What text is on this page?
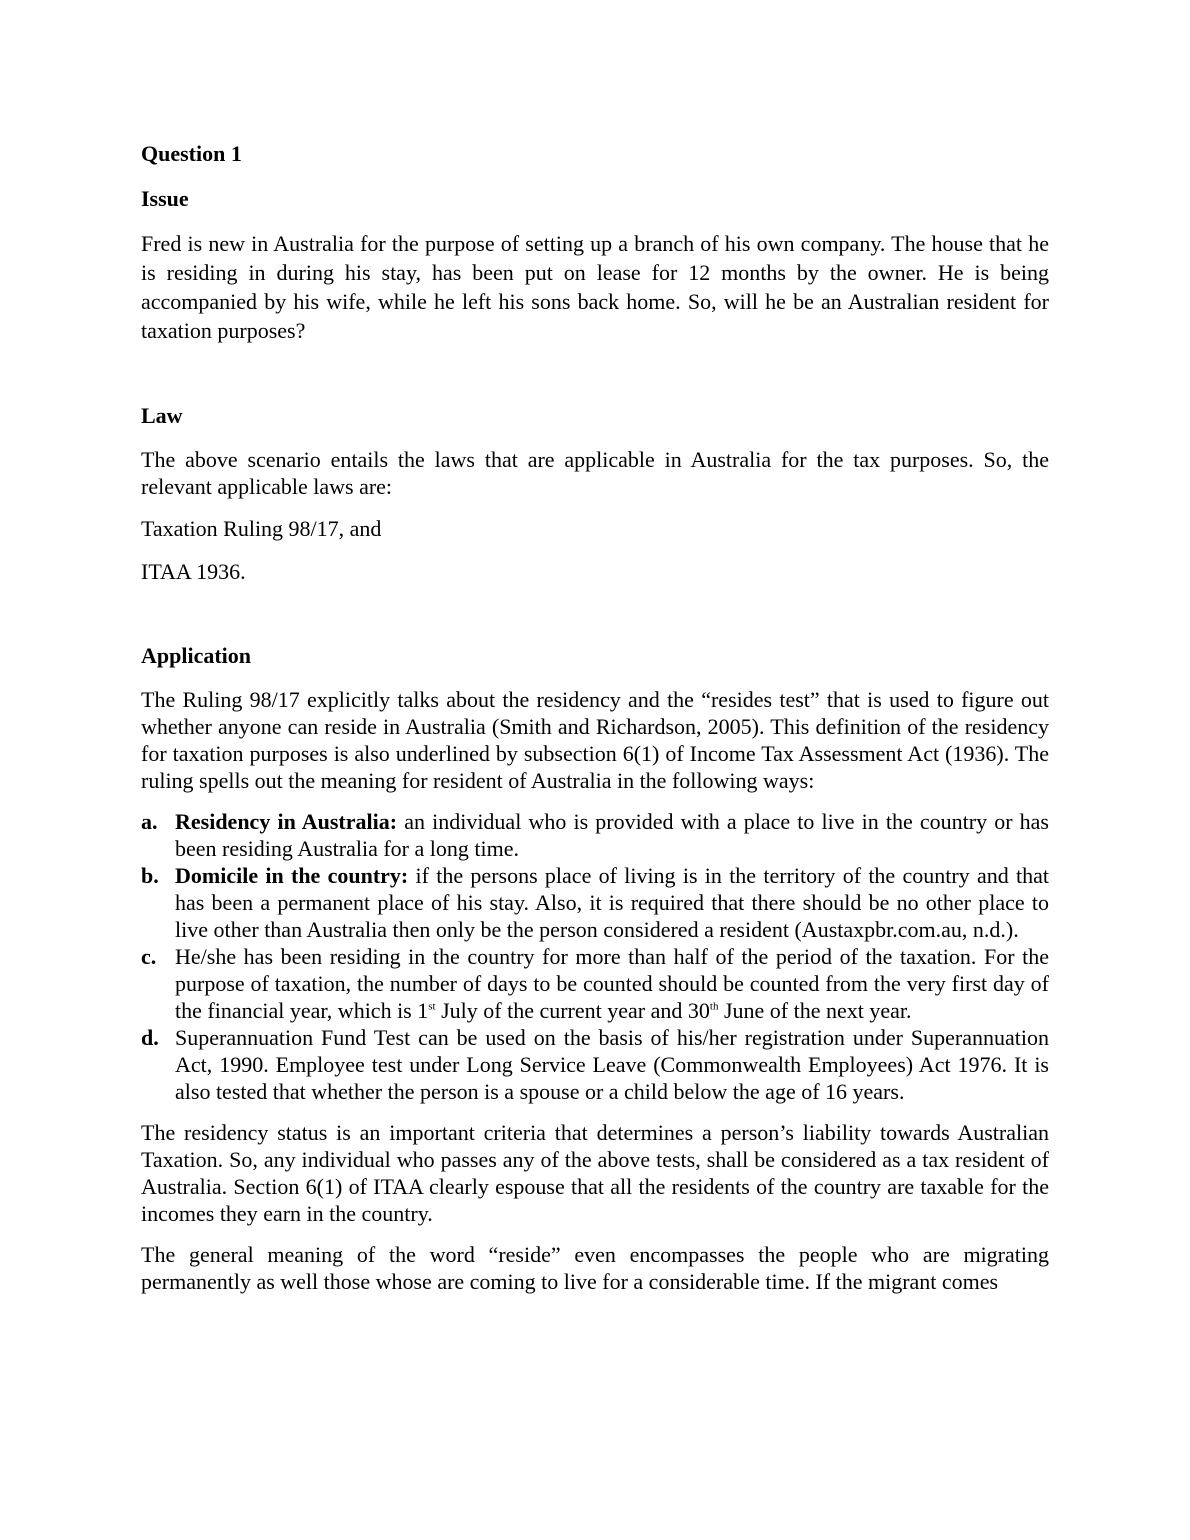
Question 1
Issue

Fred is new in Australia for the purpose of setting up a branch of his own company. The house that he is residing in during his stay, has been put on lease for 12 months by the owner. He is being accompanied by his wife, while he left his sons back home. So, will he be an Australian resident for taxation purposes?

Law

The above scenario entails the laws that are applicable in Australia for the tax purposes. So, the relevant applicable laws are:

Taxation Ruling 98/17, and

ITAA 1936.

Application

The Ruling 98/17 explicitly talks about the residency and the “resides test” that is used to figure out whether anyone can reside in Australia (Smith and Richardson, 2005). This definition of the residency for taxation purposes is also underlined by subsection 6(1) of Income Tax Assessment Act (1936). The ruling spells out the meaning for resident of Australia in the following ways:

a. Residency in Australia: an individual who is provided with a place to live in the country or has been residing Australia for a long time.
b. Domicile in the country: if the persons place of living is in the territory of the country and that has been a permanent place of his stay. Also, it is required that there should be no other place to live other than Australia then only be the person considered a resident (Austaxpbr.com.au, n.d.).
c. He/she has been residing in the country for more than half of the period of the taxation. For the purpose of taxation, the number of days to be counted should be counted from the very first day of the financial year, which is 1st July of the current year and 30th June of the next year.
d. Superannuation Fund Test can be used on the basis of his/her registration under Superannuation Act, 1990. Employee test under Long Service Leave (Commonwealth Employees) Act 1976. It is also tested that whether the person is a spouse or a child below the age of 16 years.

The residency status is an important criteria that determines a person’s liability towards Australian Taxation. So, any individual who passes any of the above tests, shall be considered as a tax resident of Australia. Section 6(1) of ITAA clearly espouse that all the residents of the country are taxable for the incomes they earn in the country.

The general meaning of the word “reside” even encompasses the people who are migrating permanently as well those whose are coming to live for a considerable time. If the migrant comes
